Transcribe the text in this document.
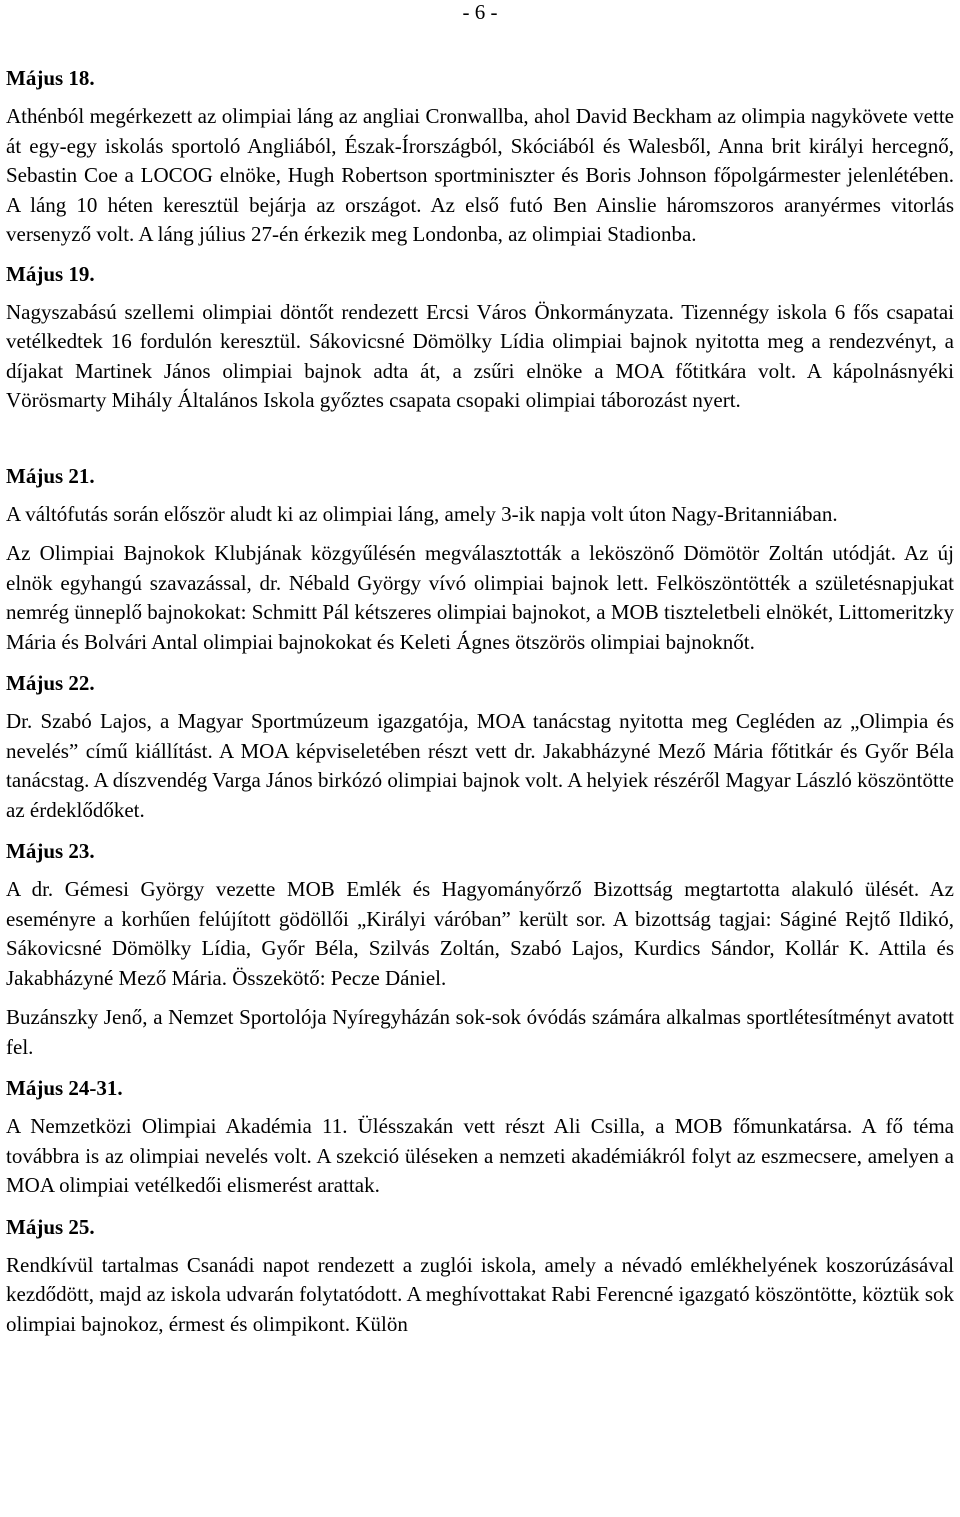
- 6 -

Május 18.

Athénból megérkezett az olimpiai láng az angliai Cronwallba, ahol David Beckham az olimpia nagykövete vette át egy-egy iskolás sportoló Angliából, Észak-Írországból, Skóciából és Walesből, Anna brit királyi hercegnő, Sebastin Coe a LOCOG elnöke, Hugh Robertson sportminiszter és Boris Johnson főpolgármester jelenlétében. A láng 10 héten keresztül bejárja az országot. Az első futó Ben Ainslie háromszoros aranyérmes vitorlás versenyző volt. A láng július 27-én érkezik meg Londonba, az olimpiai Stadionba.

Május 19.

Nagyszabású szellemi olimpiai döntőt rendezett Ercsi Város Önkormányzata. Tizennégy iskola 6 fős csapatai vetélkedtek 16 fordulón keresztül. Sákovicsné Dömölky Lídia olimpiai bajnok nyitotta meg a rendezvényt, a díjakat Martinek János olimpiai bajnok adta át, a zsűri elnöke a MOA főtitkára volt. A kápolnásnyéki Vörösmarty Mihály Általános Iskola győztes csapata csopaki olimpiai táborozást nyert.

Május 21.

A váltófutás során először aludt ki az olimpiai láng, amely 3-ik napja volt úton Nagy-Britanniában.

Az Olimpiai Bajnokok Klubjának közgyűlésén megválasztották a leköszönő Dömötör Zoltán utódját. Az új elnök egyhangú szavazással, dr. Nébald György vívó olimpiai bajnok lett. Felköszöntötték a születésnapjukat nemrég ünneplő bajnokokat: Schmitt Pál kétszeres olimpiai bajnokot, a MOB tiszteletbeli elnökét, Littomeritzky Mária és Bolvári Antal olimpiai bajnokokat és Keleti Ágnes ötszörös olimpiai bajnoknőt.

Május 22.

Dr. Szabó Lajos, a Magyar Sportmúzeum igazgatója, MOA tanácstag nyitotta meg Cegléden az „Olimpia és nevelés” című kiállítást. A MOA képviseletében részt vett dr. Jakabházyné Mező Mária főtitkár és Győr Béla tanácstag. A díszvendég Varga János birkózó olimpiai bajnok volt. A helyiek részéről Magyar László köszöntötte az érdeklődőket.

Május 23.

A dr. Gémesi György vezette MOB Emlék és Hagyományőrző Bizottság megtartotta alakuló ülését. Az eseményre a korhűen felújított gödöllői „Királyi váróban” került sor. A bizottság tagjai: Ságiné Rejtő Ildikó, Sákovicsné Dömölky Lídia, Győr Béla, Szilvás Zoltán, Szabó Lajos, Kurdics Sándor, Kollár K. Attila és Jakabházyné Mező Mária. Összekötő: Pecze Dániel.

Buzánszky Jenő, a Nemzet Sportolója Nyíregyházán sok-sok óvódás számára alkalmas sportlétesítményt avatott fel.

Május 24-31.

A Nemzetközi Olimpiai Akadémia 11. Ülésszakán vett részt Ali Csilla, a MOB főmunkatársa. A fő téma továbbra is az olimpiai nevelés volt. A szekció üléseken a nemzeti akadémiákról folyt az eszmecsere, amelyen a MOA olimpiai vetélkedői elismerést arattak.

Május 25.

Rendkívül tartalmas Csanádi napot rendezett a zuglói iskola, amely a névadó emlékhelyének koszorúzásával kezdődött, majd az iskola udvarán folytatódott. A meghívottakat Rabi Ferencné igazgató köszöntötte, köztük sok olimpiai bajnokoz, érmest és olimpikont. Külön
